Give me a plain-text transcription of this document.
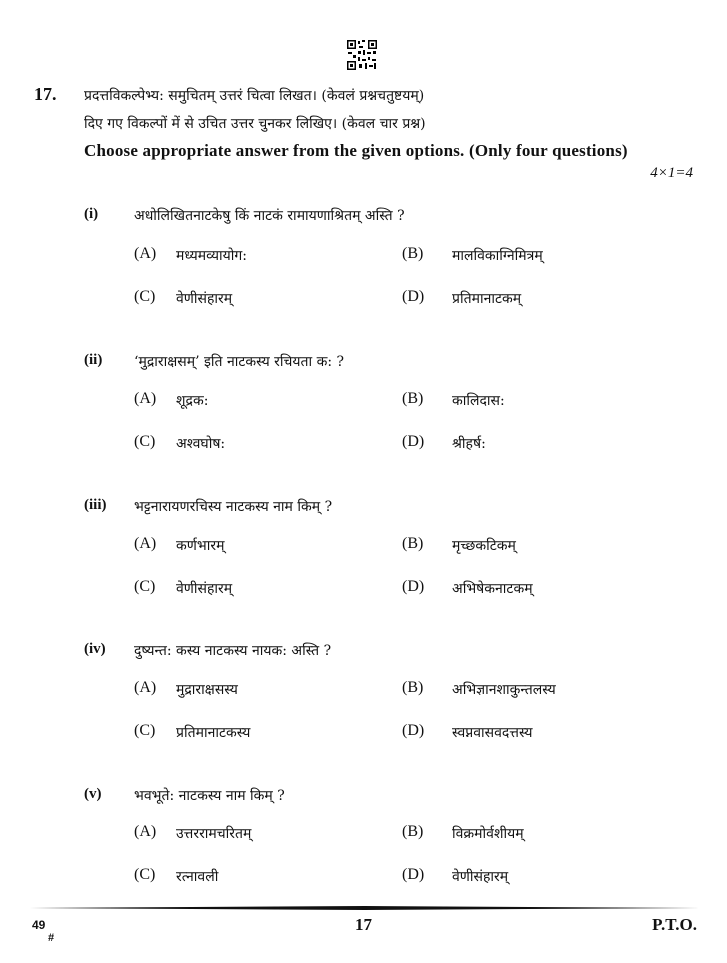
17. प्रदत्तविकल्पेभ्य: समुचितम् उत्तरं चित्वा लिखत। (केवलं प्रश्नचतुष्टयम्)
दिए गए विकल्पों में से उचित उत्तर चुनकर लिखिए। (केवल चार प्रश्न)
Choose appropriate answer from the given options. (Only four questions)
4×1=4
(i)	अधोलिखितनाटकेषु किं नाटकं रामायणाश्रितम् अस्ति ?
(A) मध्यमव्यायोग:	(B) मालविकाग्निमित्रम्
(C) वेणीसंहारम्	(D) प्रतिमानाटकम्
(ii) ‘मुद्राराक्षसम्’ इति नाटकस्य रचियता क: ?
(A) शूद्रक:	(B) कालिदास:
(C) अश्वघोष:	(D) श्रीहर्ष:
(iii) भट्टनारायणरचिस्य नाटकस्य नाम किम् ?
(A) कर्णभारम्	(B) मृच्छकटिकम्
(C) वेणीसंहारम्	(D) अभिषेकनाटकम्
(iv) दुष्यन्त: कस्य नाटकस्य नायक: अस्ति ?
(A) मुद्राराक्षसस्य	(B) अभिज्ञानशाकुन्तलस्य
(C) प्रतिमानाटकस्य	(D) स्वप्नवासवदत्तस्य
(v) भवभूते: नाटकस्य नाम किम् ?
(A) उत्तररामचरितम्	(B) विक्रमोर्वशीयम्
(C) रत्नावली	(D) वेणीसंहारम्
49
#
17	P.T.O.
